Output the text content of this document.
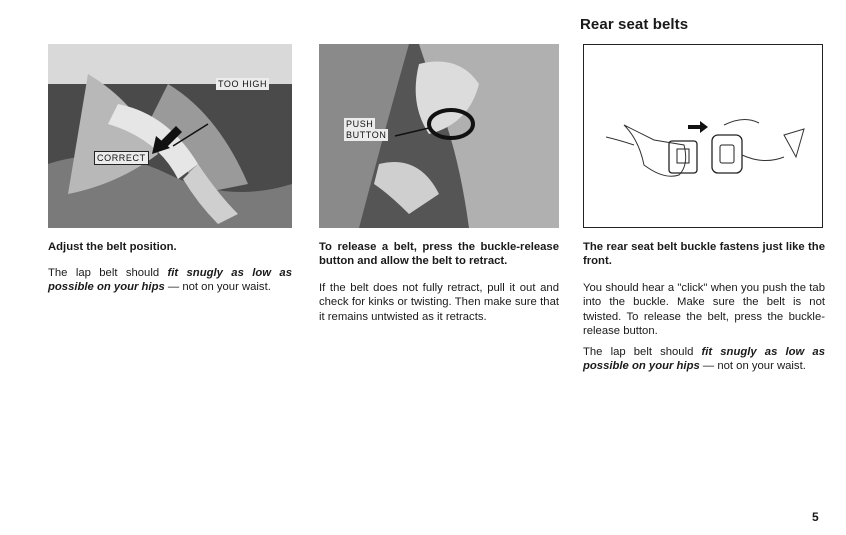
Rear seat belts
TOO HIGH
CORRECT
PUSH
BUTTON
Adjust the belt position.

The lap belt should fit snugly as low as possible on your hips — not on your waist.

To release a belt, press the buckle-release button and allow the belt to retract.
If the belt does not fully retract, pull it out and check for kinks or twisting. Then make sure that it remains untwisted as it retracts.
The rear seat belt buckle fastens just like the front.

You should hear a "click" when you push the tab into the buckle. Make sure the belt is not twisted. To release the belt, press the buckle-release button.

The lap belt should fit snugly as low as possible on your hips — not on your waist.

5
